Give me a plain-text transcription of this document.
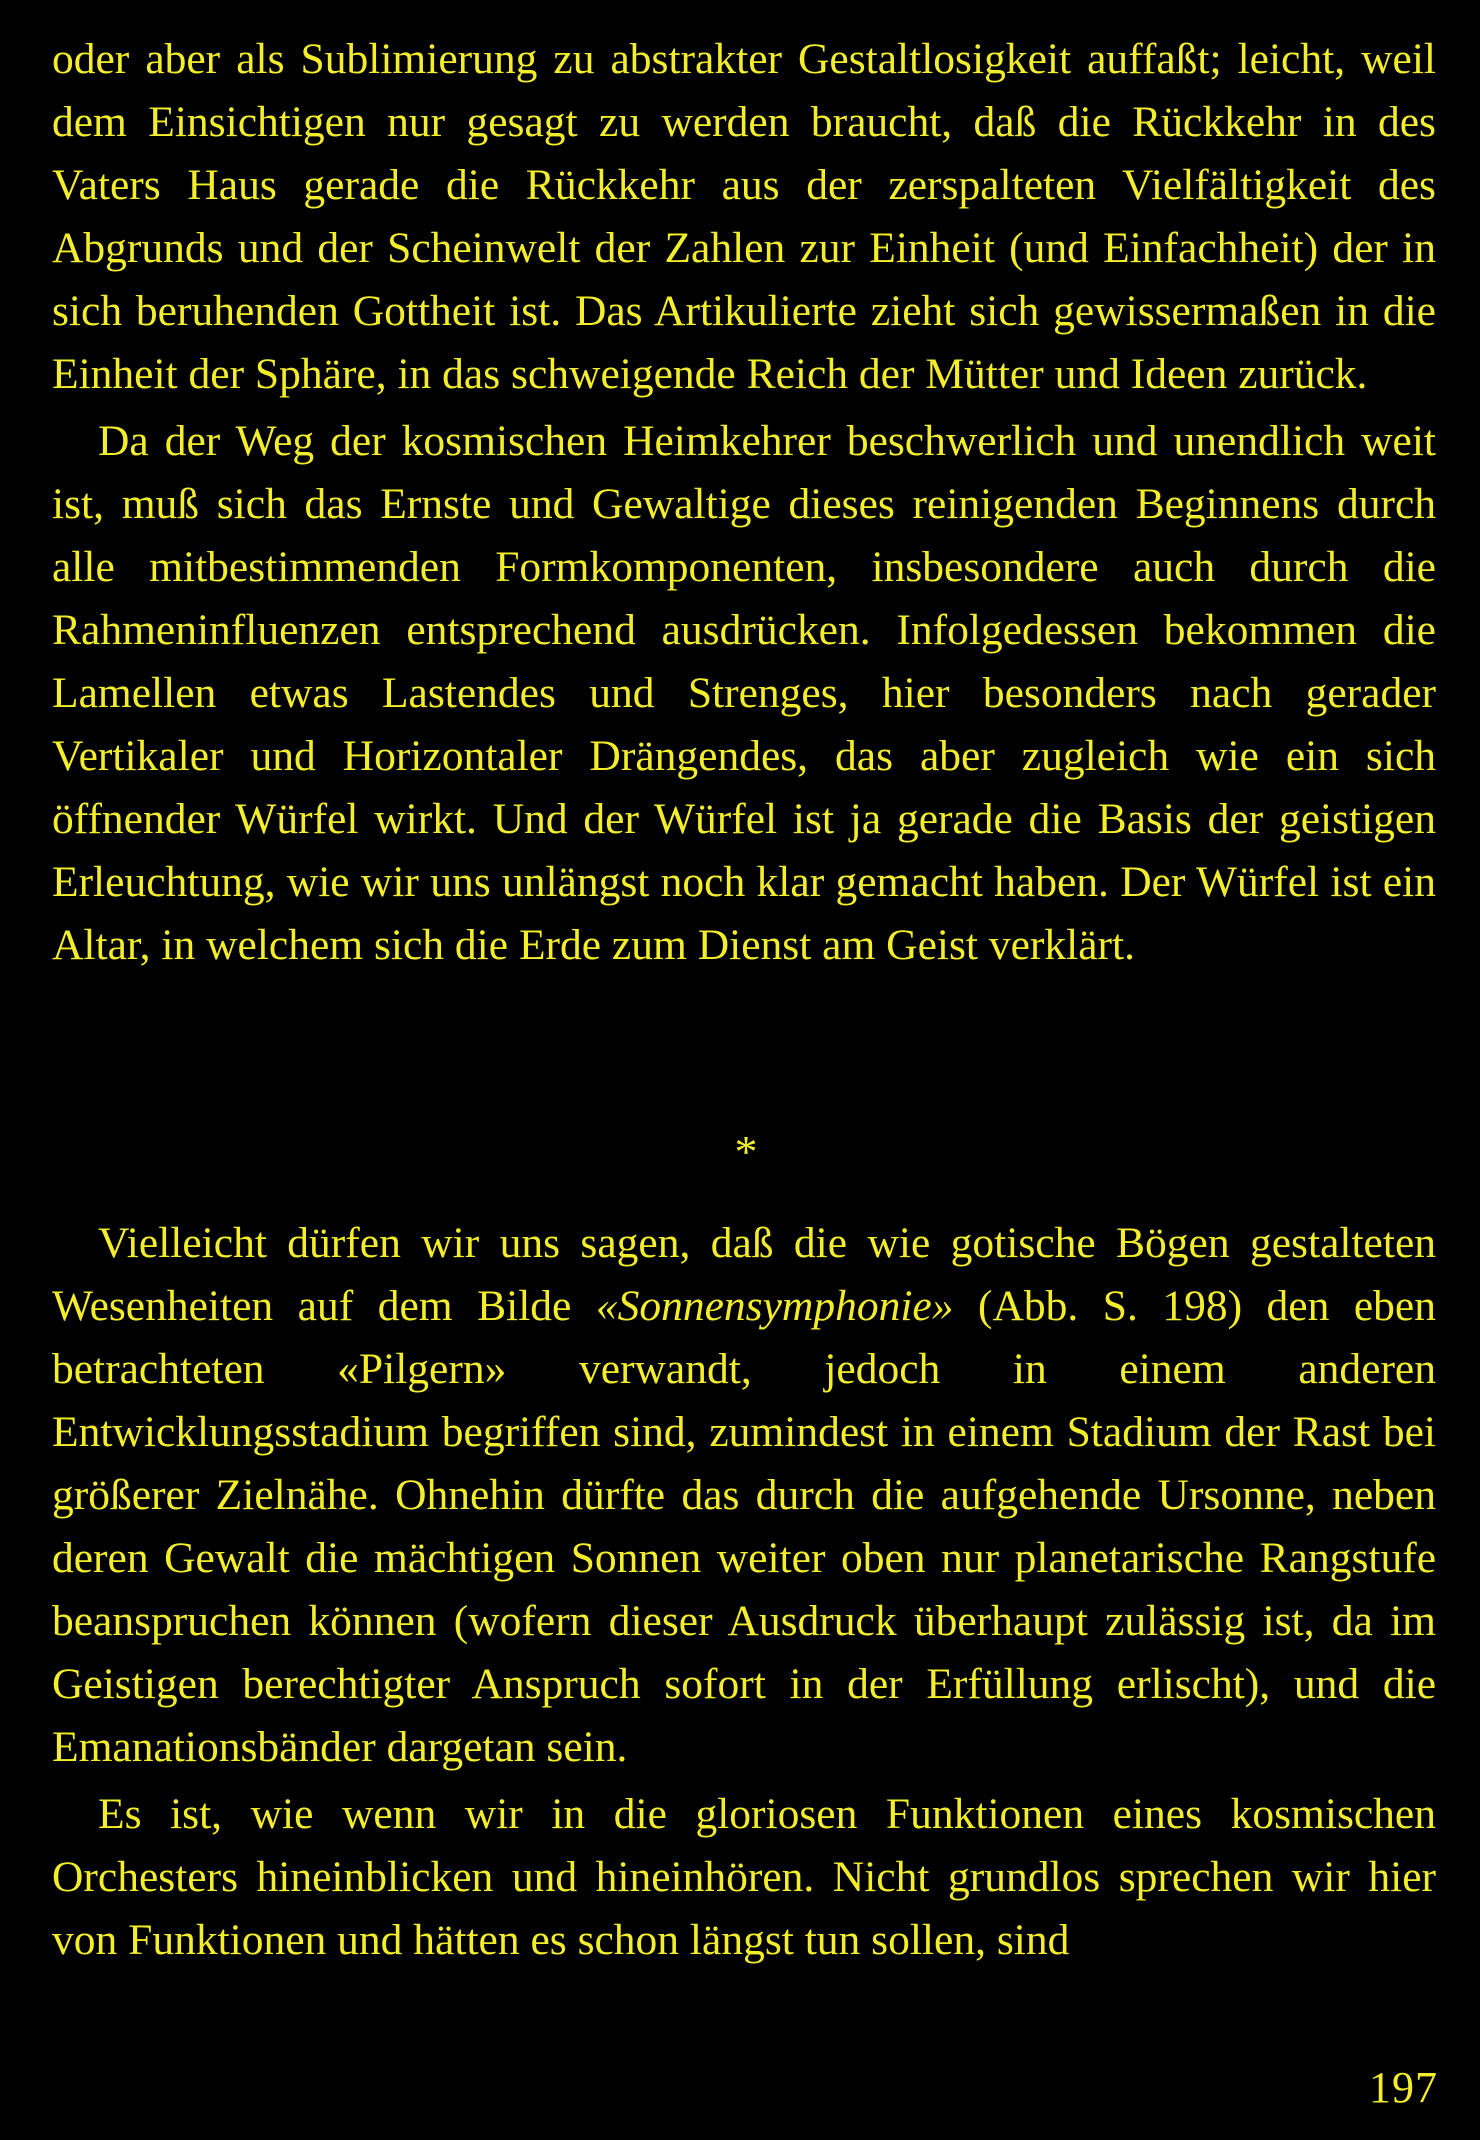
oder aber als Sublimierung zu abstrakter Gestaltlosigkeit auffaßt; leicht, weil dem Einsichtigen nur gesagt zu werden braucht, daß die Rückkehr in des Vaters Haus gerade die Rückkehr aus der zerspalteten Vielfältigkeit des Abgrunds und der Scheinwelt der Zahlen zur Einheit (und Einfachheit) der in sich beruhenden Gottheit ist. Das Artikulierte zieht sich gewissermaßen in die Einheit der Sphäre, in das schweigende Reich der Mütter und Ideen zurück.

Da der Weg der kosmischen Heimkehrer beschwerlich und unendlich weit ist, muß sich das Ernste und Gewaltige dieses reinigenden Beginnens durch alle mitbestimmenden Formkomponenten, insbesondere auch durch die Rahmeninfluenzen entsprechend ausdrücken. Infolgedessen bekommen die Lamellen etwas Lastendes und Strenges, hier besonders nach gerader Vertikaler und Horizontaler Drängendes, das aber zugleich wie ein sich öffnender Würfel wirkt. Und der Würfel ist ja gerade die Basis der geistigen Erleuchtung, wie wir uns unlängst noch klar gemacht haben. Der Würfel ist ein Altar, in welchem sich die Erde zum Dienst am Geist verklärt.

*

Vielleicht dürfen wir uns sagen, daß die wie gotische Bögen gestalteten Wesenheiten auf dem Bilde «Sonnensymphonie» (Abb. S. 198) den eben betrachteten «Pilgern» verwandt, jedoch in einem anderen Entwicklungsstadium begriffen sind, zumindest in einem Stadium der Rast bei größerer Zielnähe. Ohnehin dürfte das durch die aufgehende Ursonne, neben deren Gewalt die mächtigen Sonnen weiter oben nur planetarische Rangstufe beanspruchen können (wofern dieser Ausdruck überhaupt zulässig ist, da im Geistigen berechtigter Anspruch sofort in der Erfüllung erlischt), und die Emanationsbänder dargetan sein.

Es ist, wie wenn wir in die gloriosen Funktionen eines kosmischen Orchesters hineinblicken und hineinhören. Nicht grundlos sprechen wir hier von Funktionen und hätten es schon längst tun sollen, sind

197
